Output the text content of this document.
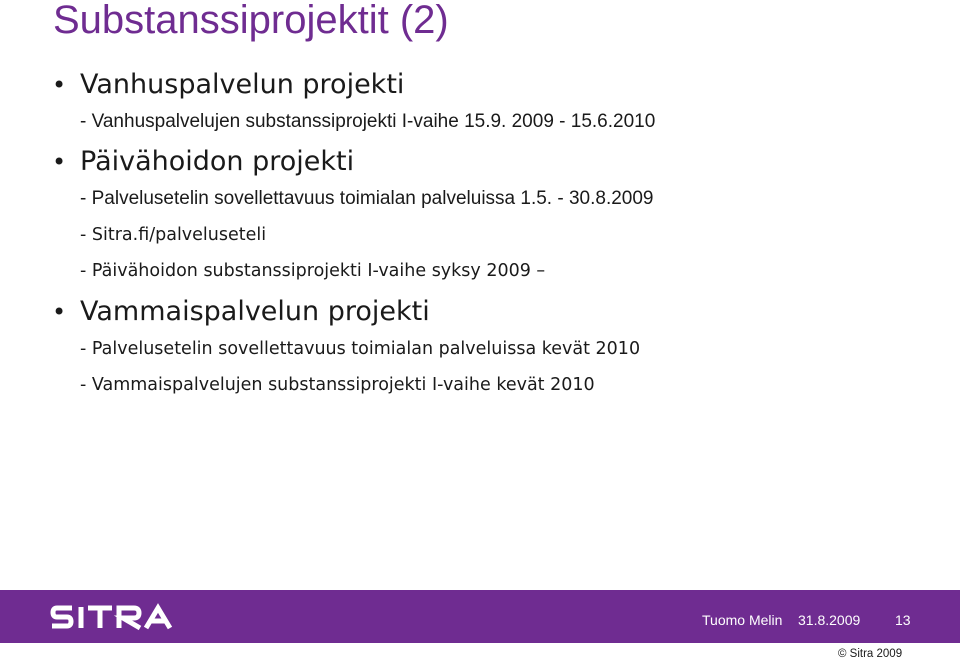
Substanssiprojektit (2)
• Vanhuspalvelun projekti
- Vanhuspalvelujen substanssiprojekti I-vaihe 15.9. 2009 - 15.6.2010
• Päivähoidon projekti
- Palvelusetelin sovellettavuus toimialan palveluissa 1.5. - 30.8.2009
- Sitra.fi/palveluseteli
- Päivähoidon substanssiprojekti I-vaihe syksy 2009 –
• Vammaispalvelun projekti
- Palvelusetelin sovellettavuus toimialan palveluissa kevät 2010
- Vammaispalvelujen substanssiprojekti I-vaihe kevät 2010
Tuomo Melin 31.8.2009 13
© Sitra 2009
